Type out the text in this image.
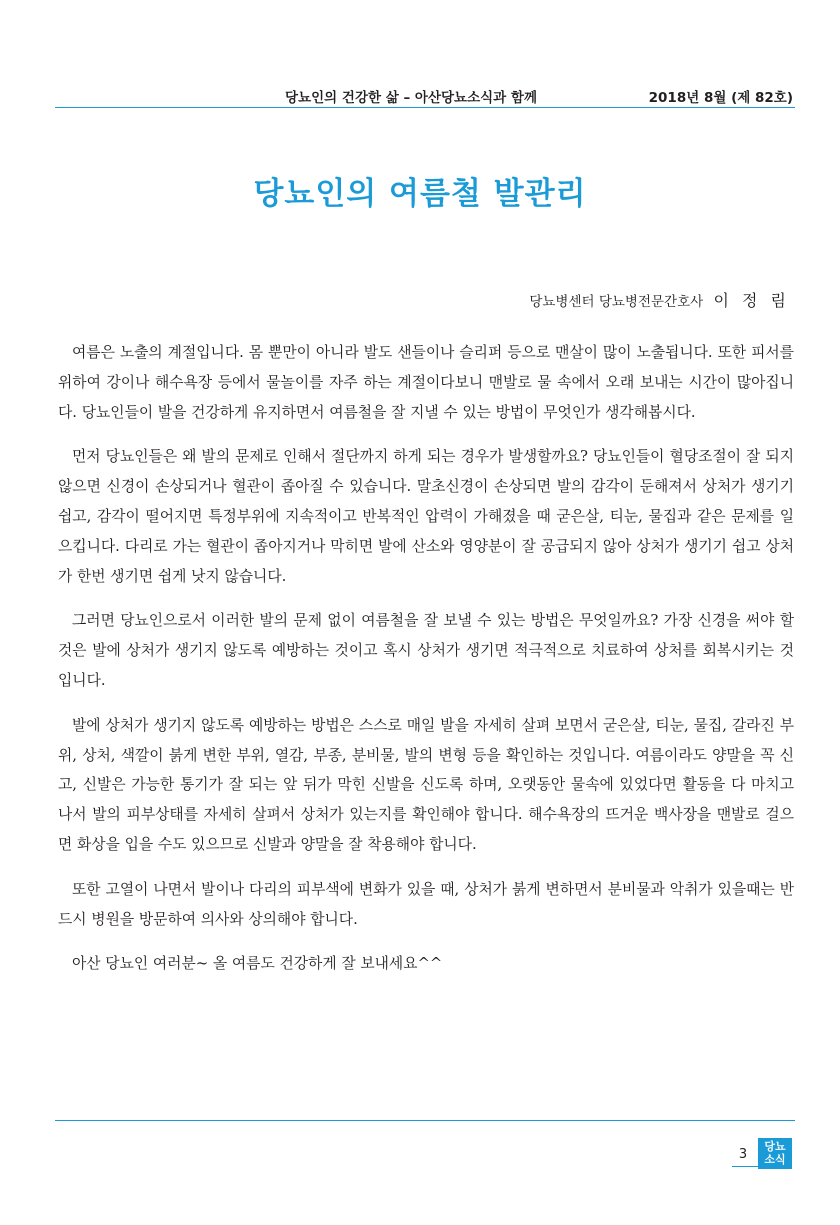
당뇨인의 건강한 삶 – 아산당뇨소식과 함께	2018년 8월 (제 82호)
당뇨인의 여름철 발관리
당뇨병센터 당뇨병전문간호사 이 정 림

여름은 노출의 계절입니다. 몸 뿐만이 아니라 발도 샌들이나 슬리퍼 등으로 맨살이 많이 노출됩니다. 또한 피서를 위하여 강이나 해수욕장 등에서 물놀이를 자주 하는 계절이다보니 맨발로 물 속에서 오래 보내는 시간이 많아집니다. 당뇨인들이 발을 건강하게 유지하면서 여름철을 잘 지낼 수 있는 방법이 무엇인가 생각해봅시다.

먼저 당뇨인들은 왜 발의 문제로 인해서 절단까지 하게 되는 경우가 발생할까요? 당뇨인들이 혈당조절이 잘 되지 않으면 신경이 손상되거나 혈관이 좁아질 수 있습니다. 말초신경이 손상되면 발의 감각이 둔해져서 상처가 생기기 쉽고, 감각이 떨어지면 특정부위에 지속적이고 반복적인 압력이 가해졌을 때 굳은살, 티눈, 물집과 같은 문제를 일으킵니다. 다리로 가는 혈관이 좁아지거나 막히면 발에 산소와 영양분이 잘 공급되지 않아 상처가 생기기 쉽고 상처가 한번 생기면 쉽게 낫지 않습니다.

그러면 당뇨인으로서 이러한 발의 문제 없이 여름철을 잘 보낼 수 있는 방법은 무엇일까요? 가장 신경을 써야 할 것은 발에 상처가 생기지 않도록 예방하는 것이고 혹시 상처가 생기면 적극적으로 치료하여 상처를 회복시키는 것입니다.

발에 상처가 생기지 않도록 예방하는 방법은 스스로 매일 발을 자세히 살펴 보면서 굳은살, 티눈, 물집, 갈라진 부위, 상처, 색깔이 붉게 변한 부위, 열감, 부종, 분비물, 발의 변형 등을 확인하는 것입니다. 여름이라도 양말을 꼭 신고, 신발은 가능한 통기가 잘 되는 앞 뒤가 막힌 신발을 신도록 하며, 오랫동안 물속에 있었다면 활동을 다 마치고 나서 발의 피부상태를 자세히 살펴서 상처가 있는지를 확인해야 합니다. 해수욕장의 뜨거운 백사장을 맨발로 걸으면 화상을 입을 수도 있으므로 신발과 양말을 잘 착용해야 합니다.

또한 고열이 나면서 발이나 다리의 피부색에 변화가 있을 때, 상처가 붉게 변하면서 분비물과 악취가 있을때는 반드시 병원을 방문하여 의사와 상의해야 합니다.

아산 당뇨인 여러분~ 올 여름도 건강하게 잘 보내세요^^

3
당뇨
소식
